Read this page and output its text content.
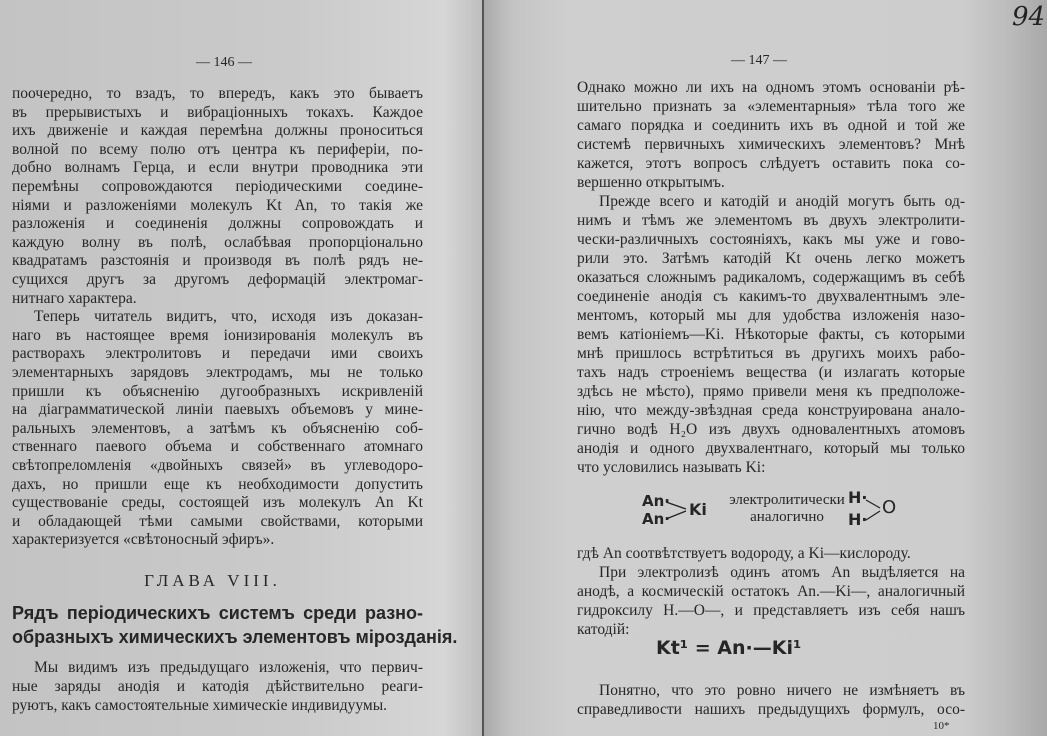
— 146 —
поочередно, то взадъ, то впередъ, какъ это бываетъ
въ прерывистыхъ и вибрацiонныхъ токахъ. Каждое
ихъ движенiе и каждая перемѣна должны проноситься
волной по всему полю отъ центра къ периферiи, по-
добно волнамъ Герца, и если внутри проводника эти
перемѣны сопровождаются перiодическими соедине-
нiями и разложенiями молекулъ Kt An, то такiя же
разложенiя и соединенiя должны сопровождать и
каждую волну въ полѣ, ослабѣвая пропорцiонально
квадратамъ разстоянiя и производя въ полѣ рядъ не-
сущихся другъ за другомъ деформацiй электромаг-
нитнаго характера.
Теперь читатель видитъ, что, исходя изъ доказан-
наго въ настоящее время iонизированiя молекулъ въ
растворахъ электролитовъ и передачи ими своихъ
элементарныхъ зарядовъ электродамъ, мы не только
пришли къ объясненiю дугообразныхъ искривленiй
на дiаграмматической линiи паевыхъ объемовъ у мине-
ральныхъ элементовъ, а затѣмъ къ объясненiю соб-
ственнаго паевого объема и собственнаго атомнаго
свѣтопреломленiя «двойныхъ связей» въ углеводоро-
дахъ, но пришли еще къ необходимости допустить
существованiе среды, состоящей изъ молекулъ An Kt
и обладающей тѣми самыми свойствами, которыми
характеризуется «свѣтоносный эфиръ».
ГЛАВА VIII.
Рядъ перiодическихъ системъ среди разно-
образныхъ химическихъ элементовъ мiрозданiя.
Мы видимъ изъ предыдущаго изложенiя, что первич-
ные заряды анодiя и катодiя дѣйствительно реаги-
руютъ, какъ самостоятельные химическiе индивидуумы.
— 147 —
Однако можно ли ихъ на одномъ этомъ основанiи рѣ-
шительно признать за «элементарныя» тѣла того же
самаго порядка и соединить ихъ въ одной и той же
системѣ первичныхъ химическихъ элементовъ? Мнѣ
кажется, этотъ вопросъ слѣдуетъ оставить пока со-
вершенно открытымъ.
Прежде всего и катодiй и анодiй могутъ быть од-
нимъ и тѣмъ же элементомъ въ двухъ электролити-
чески-различныхъ состоянiяхъ, какъ мы уже и гово-
рили это. Затѣмъ катодiй Kt очень легко можетъ
оказаться сложнымъ радикаломъ, содержащимъ въ себѣ
соединенiе анодiя съ какимъ-то двуxвалентнымъ эле-
ментомъ, который мы для удобства изложенiя назо-
вемъ катiонiемъ—Ki. Нѣкоторые факты, съ которыми
мнѣ пришлось встрѣтиться въ другихъ моихъ рабо-
тахъ надъ строенiемъ вещества (и излагать которые
здѣсь не мѣсто), прямо привели меня къ предположе-
нiю, что между-звѣздная среда конструирована анало-
гично водѣ H₂O изъ двухъ одновалентныхъ атомовъ
анодiя и одного двухвалентнаго, который мы только
что условились называть Ki:
An·
An· Ki	электролитически
аналогично
H·
H·
O
гдѣ An соотвѣтствуетъ водороду, а Ki—кислороду.
При электролизѣ одинъ атомъ An выдѣляется на
анодѣ, а космическiй остатокъ An.—Ki—, аналогичный
гидроксилу H.—O—, и представляетъ изъ себя нашъ
катодiй:
Kt¹ = An·—Ki¹
Понятно, что это ровно ничего не измѣняетъ въ
справедливости нашихъ предыдущихъ формулъ, осо-
94
10*
